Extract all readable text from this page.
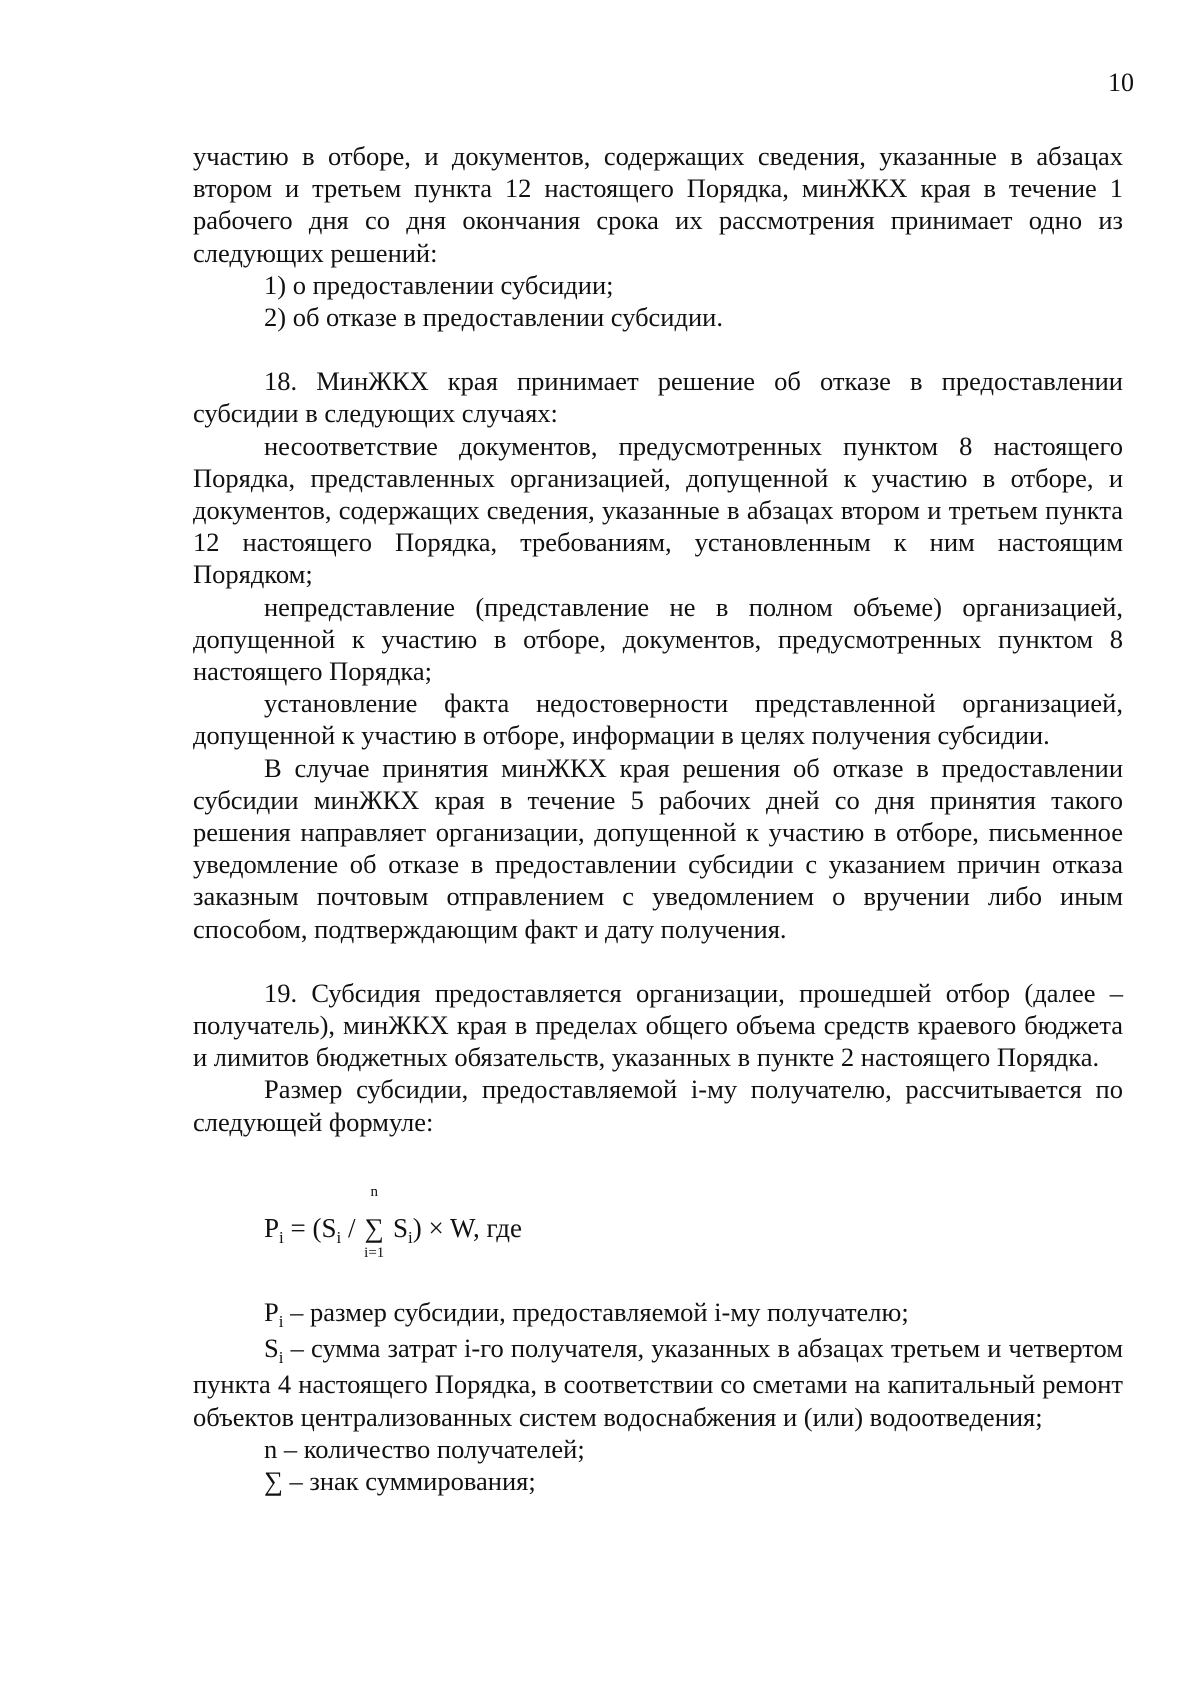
10

участию в отборе, и документов, содержащих сведения, указанные в абзацах втором и третьем пункта 12 настоящего Порядка, минЖКХ края в течение 1 рабочего дня со дня окончания срока их рассмотрения принимает одно из следующих решений:

1) о предоставлении субсидии;

2) об отказе в предоставлении субсидии.

18. МинЖКХ края принимает решение об отказе в предоставлении субсидии в следующих случаях:

несоответствие документов, предусмотренных пунктом 8 настоящего Порядка, представленных организацией, допущенной к участию в отборе, и документов, содержащих сведения, указанные в абзацах втором и третьем пункта 12 настоящего Порядка, требованиям, установленным к ним настоящим Порядком;

непредставление (представление не в полном объеме) организацией, допущенной к участию в отборе, документов, предусмотренных пунктом 8 настоящего Порядка;

установление факта недостоверности представленной организацией, допущенной к участию в отборе, информации в целях получения субсидии.

В случае принятия минЖКХ края решения об отказе в предоставлении субсидии минЖКХ края в течение 5 рабочих дней со дня принятия такого решения направляет организации, допущенной к участию в отборе, письменное уведомление об отказе в предоставлении субсидии с указанием причин отказа заказным почтовым отправлением с уведомлением о вручении либо иным способом, подтверждающим факт и дату получения.

19. Субсидия предоставляется организации, прошедшей отбор (далее – получатель), минЖКХ края в пределах общего объема средств краевого бюджета и лимитов бюджетных обязательств, указанных в пункте 2 настоящего Порядка.

Размер субсидии, предоставляемой i-му получателю, рассчитывается по следующей формуле:

$P_i = (S_i$ /
n
∑
i=1
$S_i) \times W$, где

$P_i$ – размер субсидии, предоставляемой i-му получателю;

$S_i$ – сумма затрат i-го получателя, указанных в абзацах третьем и четвертом пункта 4 настоящего Порядка, в соответствии со сметами на капитальный ремонт объектов централизованных систем водоснабжения и (или) водоотведения;

n – количество получателей;

∑ – знак суммирования;
